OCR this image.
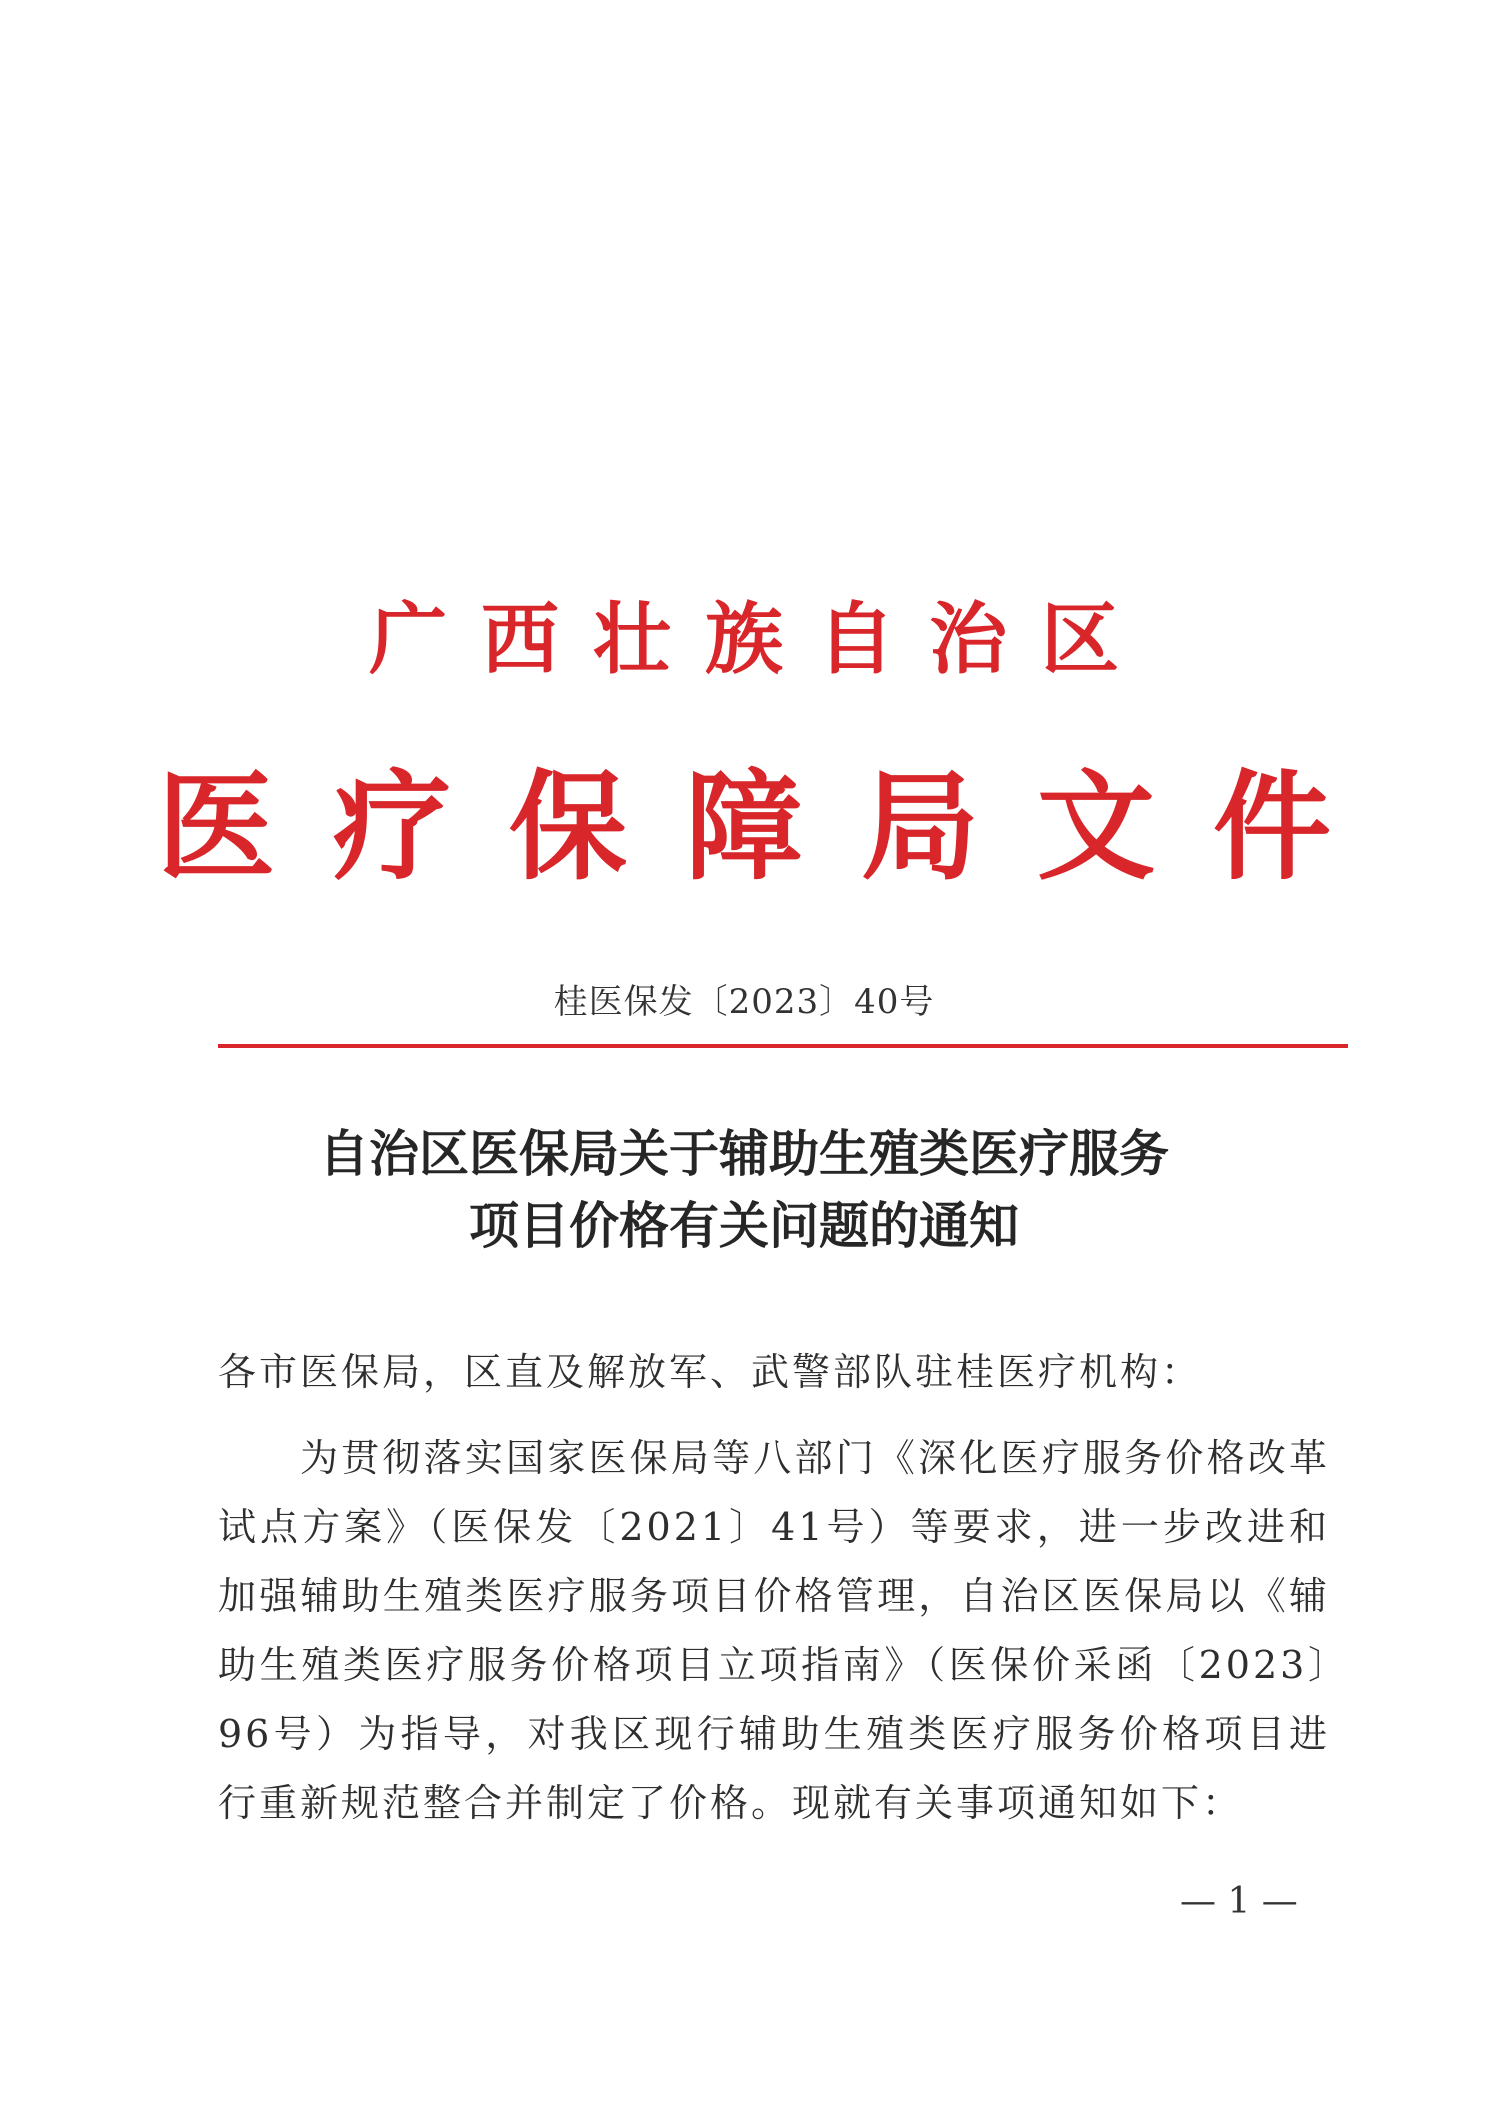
广西壮族自治区
医疗保障局文件
桂医保发〔2023〕40号
自治区医保局关于辅助生殖类医疗服务
项目价格有关问题的通知
各市医保局，区直及解放军、武警部队驻桂医疗机构：
为贯彻落实国家医保局等八部门《深化医疗服务价格改革试点方案》（医保发〔2021〕41号）等要求，进一步改进和加强辅助生殖类医疗服务项目价格管理，自治区医保局以《辅助生殖类医疗服务价格项目立项指南》（医保价采函〔2023〕96号）为指导，对我区现行辅助生殖类医疗服务价格项目进行重新规范整合并制定了价格。现就有关事项通知如下：
— 1 —
